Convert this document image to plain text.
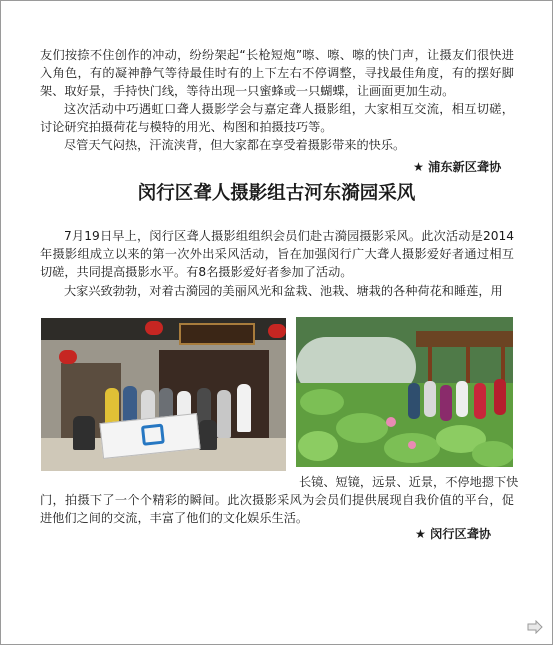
友们按捺不住创作的冲动，纷纷架起“长枪短炮”嚓、嚓、嚓的快门声，让摄友们很快进入角色，有的凝神静气等待最佳时有的上下左右不停调整，寻找最佳角度，有的摆好脚架、取好景，手持快门线，等待出现一只蜜蜂或一只蝴蝶，让画面更加生动。

这次活动中巧遇虹口聋人摄影学会与嘉定聋人摄影组，大家相互交流，相互切磋，讨论研究拍摄荷花与模特的用光、构图和拍摄技巧等。

尽管天气闷热，汗流浃背，但大家都在享受着摄影带来的快乐。

★ 浦东新区聋协
闵行区聋人摄影组古河东漪园采风

7月19日早上，闵行区聋人摄影组组织会员们赴古漪园摄影采风。此次活动是2014年摄影组成立以来的第一次外出采风活动，旨在加强闵行广大聋人摄影爱好者通过相互切磋，共同提高摄影水平。有8名摄影爱好者参加了活动。

大家兴致勃勃，对着古漪园的美丽风光和盆栽、池栽、塘栽的各种荷花和睡莲，用

长镜、短镜，远景、近景，不停地摁下快

门，拍摄下了一个个精彩的瞬间。此次摄影采风为会员们提供展现自我价值的平台，促进他们之间的交流，丰富了他们的文化娱乐生活。

★ 闵行区聋协
